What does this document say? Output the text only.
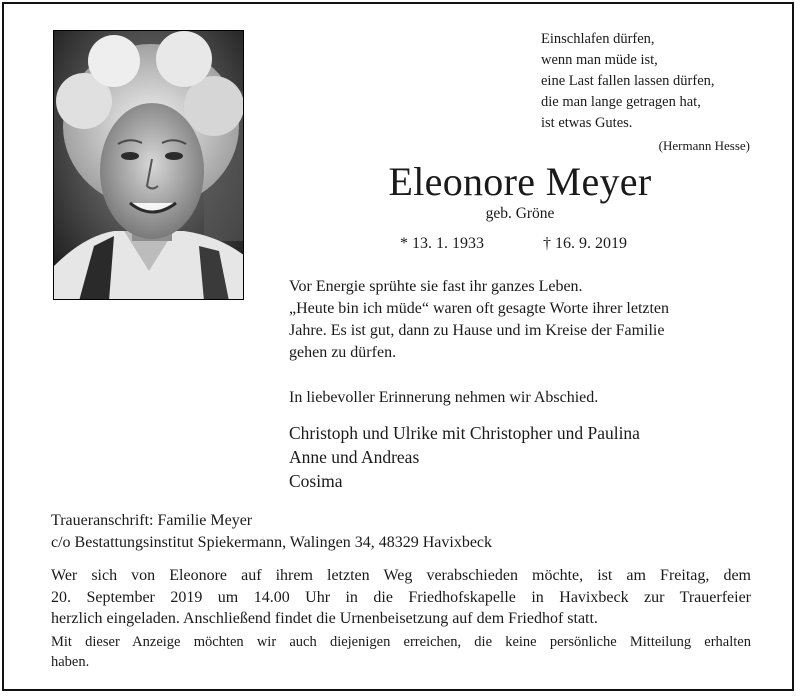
Einschlafen dürfen,
wenn man müde ist,
eine Last fallen lassen dürfen,
die man lange getragen hat,
ist etwas Gutes.
(Hermann Hesse)
Eleonore Meyer
geb. Gröne
* 13. 1. 1933	† 16. 9. 2019
Vor Energie sprühte sie fast ihr ganzes Leben.
„Heute bin ich müde“ waren oft gesagte Worte ihrer letzten
Jahre. Es ist gut, dann zu Hause und im Kreise der Familie
gehen zu dürfen.
In liebevoller Erinnerung nehmen wir Abschied.
Christoph und Ulrike mit Christopher und Paulina
Anne und Andreas
Cosima
Traueranschrift: Familie Meyer
c/o Bestattungsinstitut Spiekermann, Walingen 34, 48329 Havixbeck
Wer sich von Eleonore auf ihrem letzten Weg verabschieden möchte, ist am Freitag, dem
20. September 2019 um 14.00 Uhr in die Friedhofskapelle in Havixbeck zur Trauerfeier
herzlich eingeladen. Anschließend findet die Urnenbeisetzung auf dem Friedhof statt.
Mit dieser Anzeige möchten wir auch diejenigen erreichen, die keine persönliche Mitteilung erhalten
haben.
